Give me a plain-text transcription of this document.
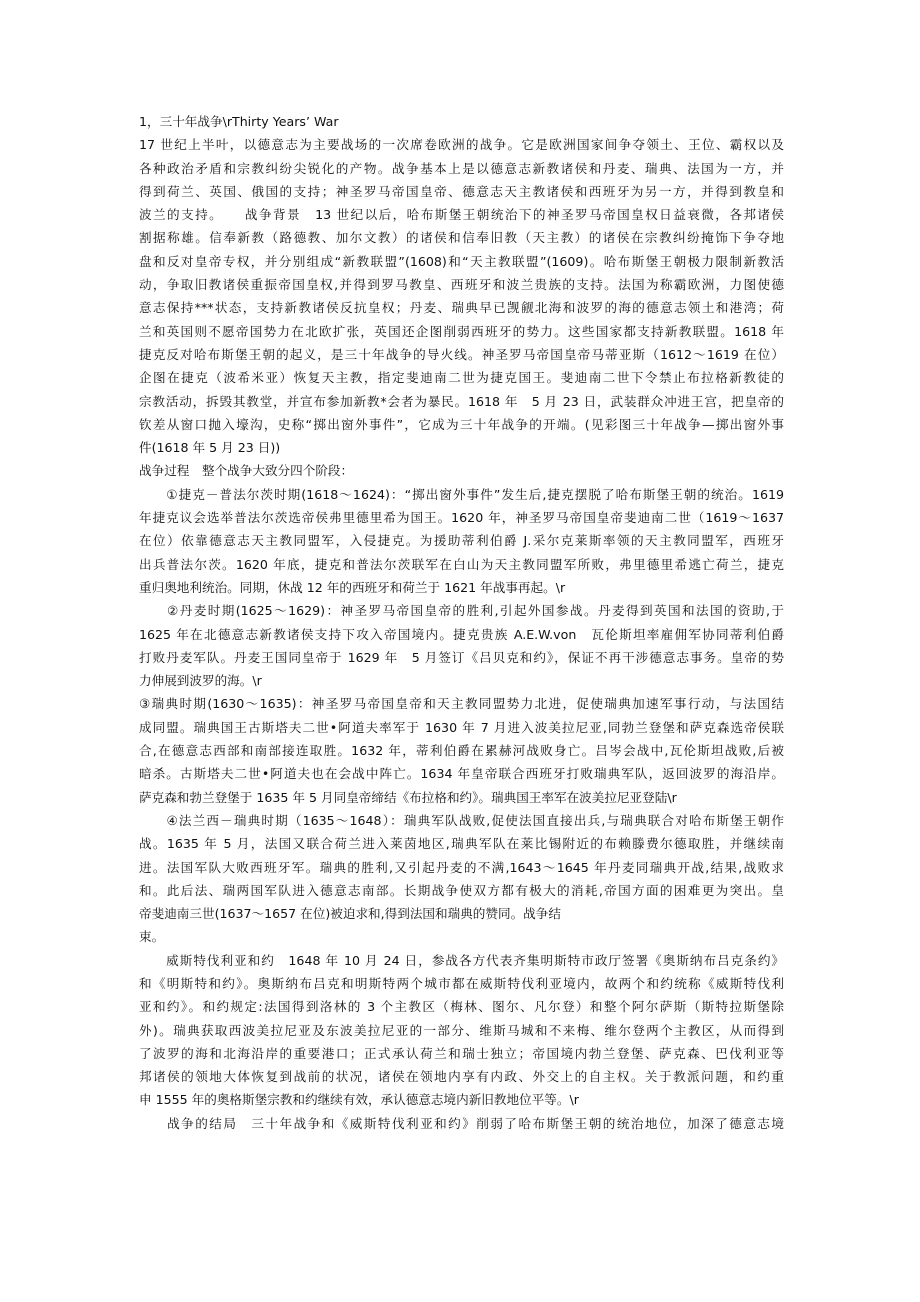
1，三十年战争\rThirty Years’ War
17 世纪上半叶，以德意志为主要战场的一次席卷欧洲的战争。它是欧洲国家间争夺领土、王位、霸权以及
各种政治矛盾和宗教纠纷尖锐化的产物。战争基本上是以德意志新教诸侯和丹麦、瑞典、法国为一方，并
得到荷兰、英国、俄国的支持；神圣罗马帝国皇帝、德意志天主教诸侯和西班牙为另一方，并得到教皇和
波兰的支持。　　战争背景　13 世纪以后，哈布斯堡王朝统治下的神圣罗马帝国皇权日益衰微，各邦诸侯
割据称雄。信奉新教（路德教、加尔文教）的诸侯和信奉旧教（天主教）的诸侯在宗教纠纷掩饰下争夺地
盘和反对皇帝专权，并分别组成“新教联盟”(1608)和“天主教联盟”(1609)。哈布斯堡王朝极力限制新教活
动，争取旧教诸侯重振帝国皇权,并得到罗马教皇、西班牙和波兰贵族的支持。法国为称霸欧洲，力图使德
意志保持***状态，支持新教诸侯反抗皇权；丹麦、瑞典早已觊觎北海和波罗的海的德意志领土和港湾；荷
兰和英国则不愿帝国势力在北欧扩张，英国还企图削弱西班牙的势力。这些国家都支持新教联盟。1618 年
捷克反对哈布斯堡王朝的起义，是三十年战争的导火线。神圣罗马帝国皇帝马蒂亚斯（1612～1619 在位）
企图在捷克（波希米亚）恢复天主教，指定斐迪南二世为捷克国王。斐迪南二世下令禁止布拉格新教徒的
宗教活动，拆毁其教堂，并宣布参加新教*会者为暴民。1618 年　5 月 23 日，武装群众冲进王宫，把皇帝的
钦差从窗口抛入壕沟，史称“掷出窗外事件”，它成为三十年战争的开端。(见彩图三十年战争—掷出窗外事
件(1618 年 5 月 23 日))
战争过程　整个战争大致分四个阶段：
　　①捷克－普法尔茨时期(1618～1624)：“掷出窗外事件”发生后,捷克摆脱了哈布斯堡王朝的统治。1619
年捷克议会选举普法尔茨选帝侯弗里德里希为国王。1620 年，神圣罗马帝国皇帝斐迪南二世（1619～1637
在位）依靠德意志天主教同盟军，入侵捷克。为援助蒂利伯爵 J.采尔克莱斯率领的天主教同盟军，西班牙
出兵普法尔茨。1620 年底，捷克和普法尔茨联军在白山为天主教同盟军所败，弗里德里希逃亡荷兰，捷克
重归奥地利统治。同期，休战 12 年的西班牙和荷兰于 1621 年战事再起。\r
　　②丹麦时期(1625～1629)：神圣罗马帝国皇帝的胜利,引起外国参战。丹麦得到英国和法国的资助,于
1625 年在北德意志新教诸侯支持下攻入帝国境内。捷克贵族 A.E.W.von　瓦伦斯坦率雇佣军协同蒂利伯爵
打败丹麦军队。丹麦王国同皇帝于 1629 年　5 月签订《吕贝克和约》，保证不再干涉德意志事务。皇帝的势
力伸展到波罗的海。\r
③瑞典时期(1630～1635)：神圣罗马帝国皇帝和天主教同盟势力北进，促使瑞典加速军事行动，与法国结
成同盟。瑞典国王古斯塔夫二世•阿道夫率军于 1630 年 7 月进入波美拉尼亚,同勃兰登堡和萨克森选帝侯联
合,在德意志西部和南部接连取胜。1632 年，蒂利伯爵在累赫河战败身亡。吕岑会战中,瓦伦斯坦战败,后被
暗杀。古斯塔夫二世•阿道夫也在会战中阵亡。1634 年皇帝联合西班牙打败瑞典军队，返回波罗的海沿岸。
萨克森和勃兰登堡于 1635 年 5 月同皇帝缔结《布拉格和约》。瑞典国王率军在波美拉尼亚登陆\r
　　④法兰西－瑞典时期（1635～1648）：瑞典军队战败,促使法国直接出兵,与瑞典联合对哈布斯堡王朝作
战。1635 年 5 月，法国又联合荷兰进入莱茵地区,瑞典军队在莱比锡附近的布赖滕费尔德取胜，并继续南
进。法国军队大败西班牙军。瑞典的胜利,又引起丹麦的不满,1643～1645 年丹麦同瑞典开战,结果,战败求
和。此后法、瑞两国军队进入德意志南部。长期战争使双方都有极大的消耗,帝国方面的困难更为突出。皇
帝斐迪南三世(1637～1657 在位)被迫求和,得到法国和瑞典的赞同。战争结
束。
　　威斯特伐利亚和约　1648 年 10 月 24 日，参战各方代表齐集明斯特市政厅签署《奥斯纳布吕克条约》
和《明斯特和约》。奥斯纳布吕克和明斯特两个城市都在威斯特伐利亚境内，故两个和约统称《威斯特伐利
亚和约》。和约规定:法国得到洛林的 3 个主教区（梅林、图尔、凡尔登）和整个阿尔萨斯（斯特拉斯堡除
外)。瑞典获取西波美拉尼亚及东波美拉尼亚的一部分、维斯马城和不来梅、维尔登两个主教区，从而得到
了波罗的海和北海沿岸的重要港口；正式承认荷兰和瑞士独立；帝国境内勃兰登堡、萨克森、巴伐利亚等
邦诸侯的领地大体恢复到战前的状况，诸侯在领地内享有内政、外交上的自主权。关于教派问题，和约重
申 1555 年的奥格斯堡宗教和约继续有效，承认德意志境内新旧教地位平等。\r
　　战争的结局　三十年战争和《威斯特伐利亚和约》削弱了哈布斯堡王朝的统治地位，加深了德意志境
